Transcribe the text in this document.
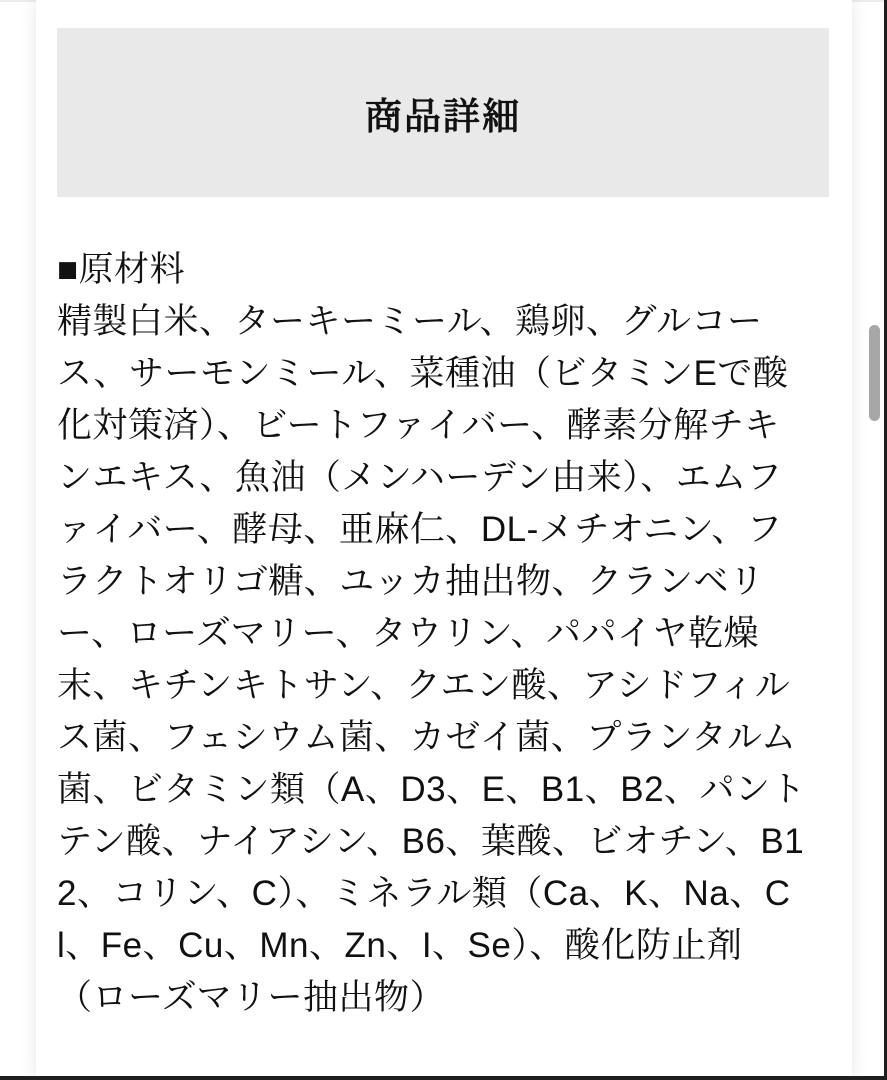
商品詳細
■原材料
精製白米、ターキーミール、鶏卵、グルコース、サーモンミール、菜種油（ビタミンEで酸化対策済）、ビートファイバー、酵素分解チキンエキス、魚油（メンハーデン由来）、エムファイバー、酵母、亜麻仁、DL-メチオニン、フラクトオリゴ糖、ユッカ抽出物、クランベリー、ローズマリー、タウリン、パパイヤ乾燥末、キチンキトサン、クエン酸、アシドフィルス菌、フェシウム菌、カゼイ菌、プランタルム菌、ビタミン類（A、D3、E、B1、B2、パントテン酸、ナイアシン、B6、葉酸、ビオチン、B12、コリン、C）、ミネラル類（Ca、K、Na、Cl、Fe、Cu、Mn、Zn、I、Se）、酸化防止剤（ローズマリー抽出物）
